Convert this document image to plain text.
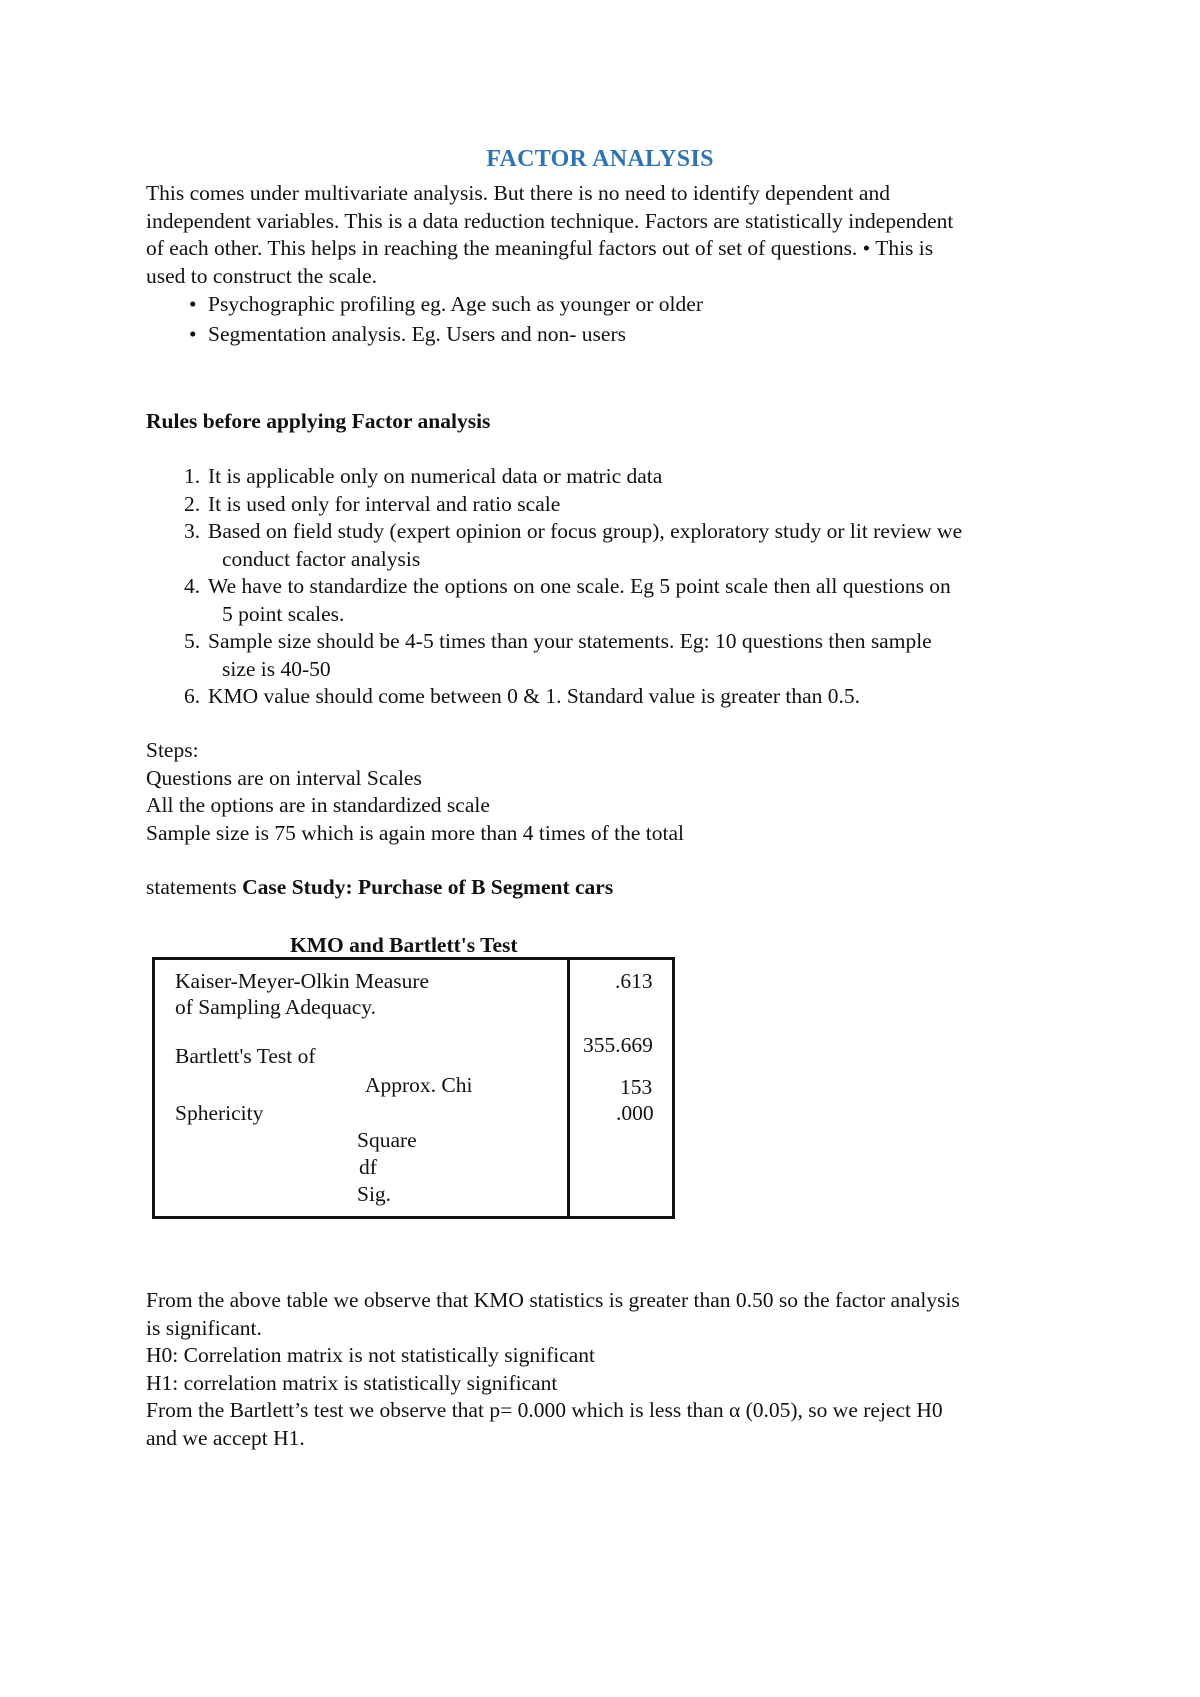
FACTOR ANALYSIS

This comes under multivariate analysis. But there is no need to identify dependent and

independent variables. This is a data reduction technique. Factors are statistically independent

of each other. This helps in reaching the meaningful factors out of set of questions. • This is

used to construct the scale.

• Psychographic profiling eg. Age such as younger or older
• Segmentation analysis. Eg. Users and non- users
Rules before applying Factor analysis
1. It is applicable only on numerical data or matric data
2. It is used only for interval and ratio scale
3. Based on field study (expert opinion or focus group), exploratory study or lit review we
conduct factor analysis
4. We have to standardize the options on one scale. Eg 5 point scale then all questions on
5 point scales.
5. Sample size should be 4-5 times than your statements. Eg: 10 questions then sample
size is 40-50
6. KMO value should come between 0 & 1. Standard value is greater than 0.5.

Steps:

Questions are on interval Scales

All the options are in standardized scale

Sample size is 75 which is again more than 4 times of the total

statements Case Study: Purchase of B Segment cars
KMO and Bartlett's Test
Kaiser-Meyer-Olkin Measure
of Sampling Adequacy.
Bartlett's Test of
Approx. Chi
Sphericity
Square
df
Sig.
.613
355.669
153
.000

From the above table we observe that KMO statistics is greater than 0.50 so the factor analysis

is significant.

H0: Correlation matrix is not statistically significant

H1: correlation matrix is statistically significant

From the Bartlett’s test we observe that p= 0.000 which is less than α (0.05), so we reject H0

and we accept H1.
